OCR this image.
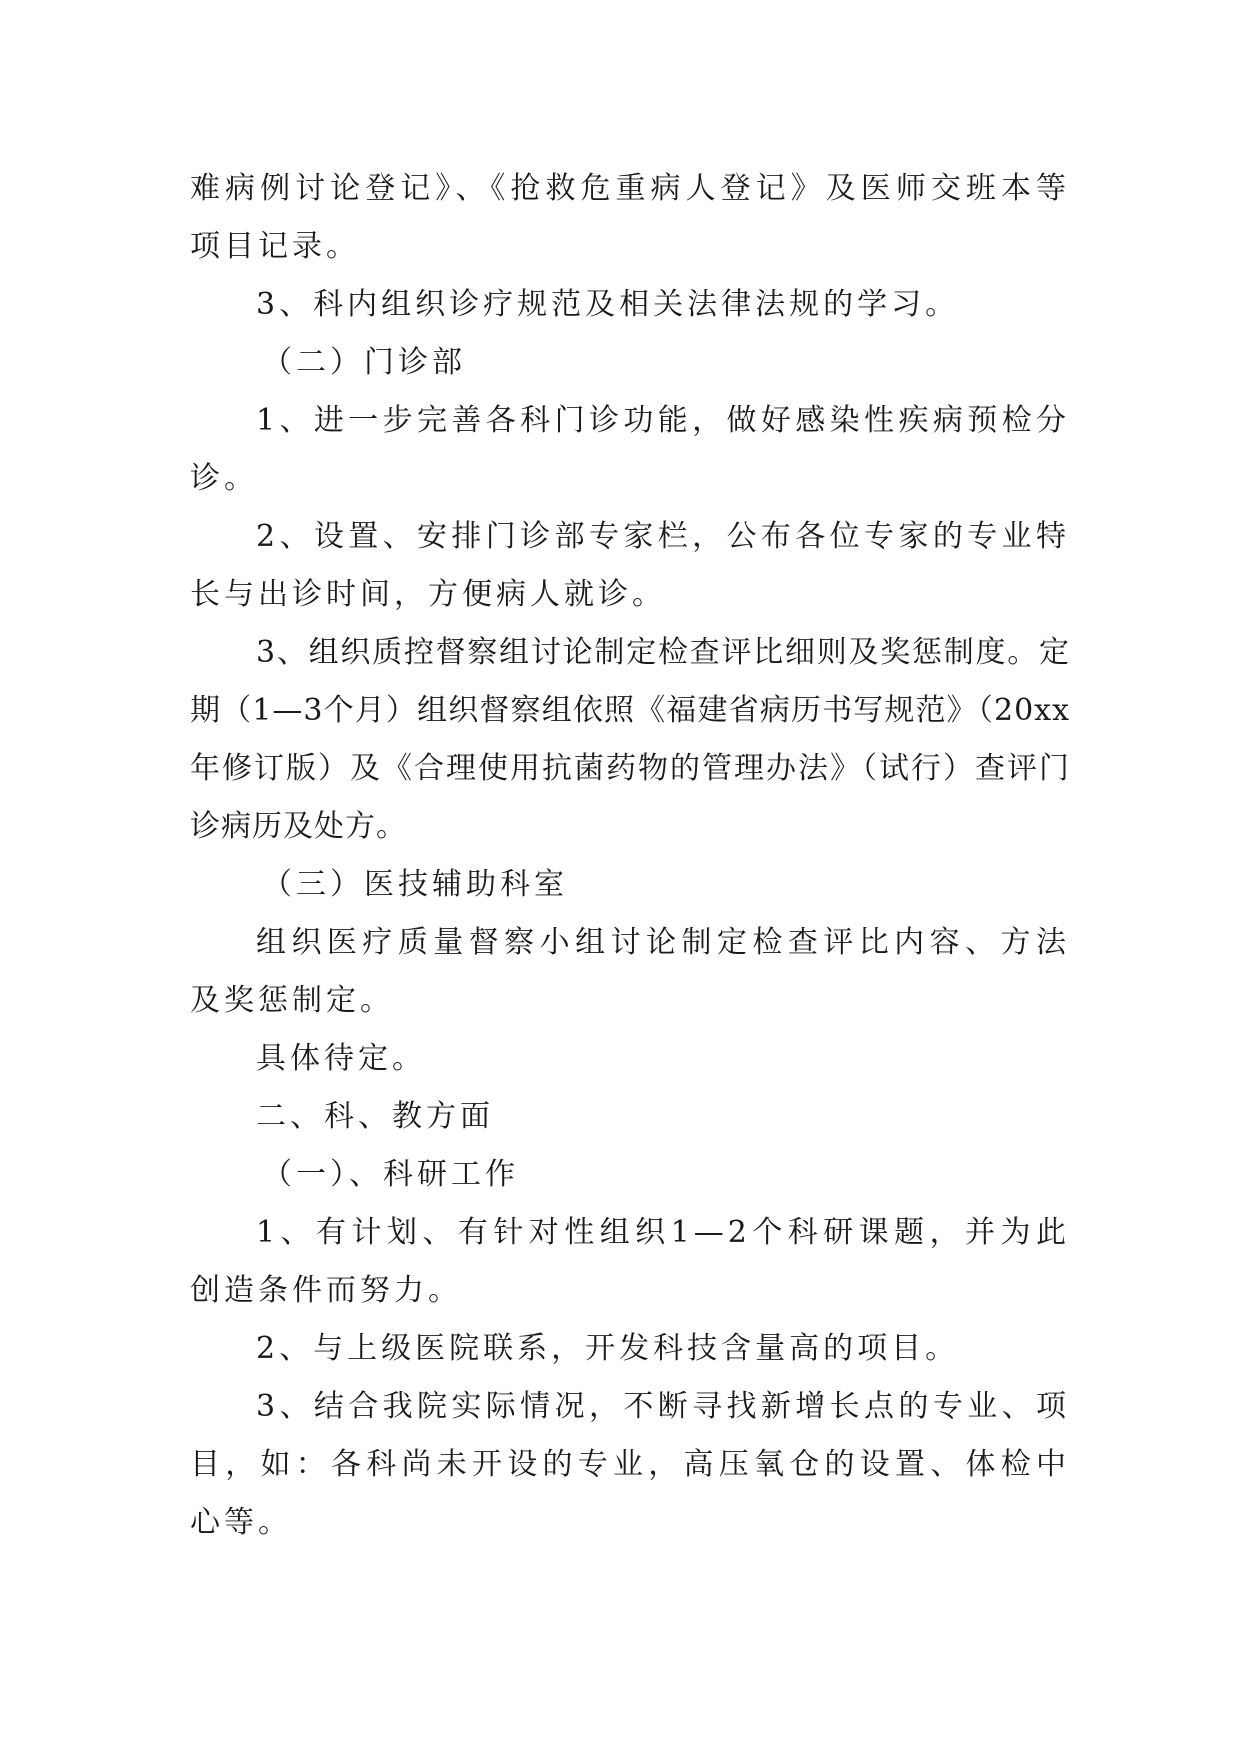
难病例讨论登记》、《抢救危重病人登记》及医师交班本等项目记录。

3、科内组织诊疗规范及相关法律法规的学习。

（二）门诊部

1、进一步完善各科门诊功能，做好感染性疾病预检分诊。

2、设置、安排门诊部专家栏，公布各位专家的专业特长与出诊时间，方便病人就诊。

3、组织质控督察组讨论制定检查评比细则及奖惩制度。定期（1—3个月）组织督察组依照《福建省病历书写规范》（20xx年修订版）及《合理使用抗菌药物的管理办法》（试行）查评门诊病历及处方。

（三）医技辅助科室

组织医疗质量督察小组讨论制定检查评比内容、方法及奖惩制定。

具体待定。

二、科、教方面

（一）、科研工作

1、有计划、有针对性组织1—2个科研课题，并为此创造条件而努力。

2、与上级医院联系，开发科技含量高的项目。

3、结合我院实际情况，不断寻找新增长点的专业、项目，如：各科尚未开设的专业，高压氧仓的设置、体检中心等。
